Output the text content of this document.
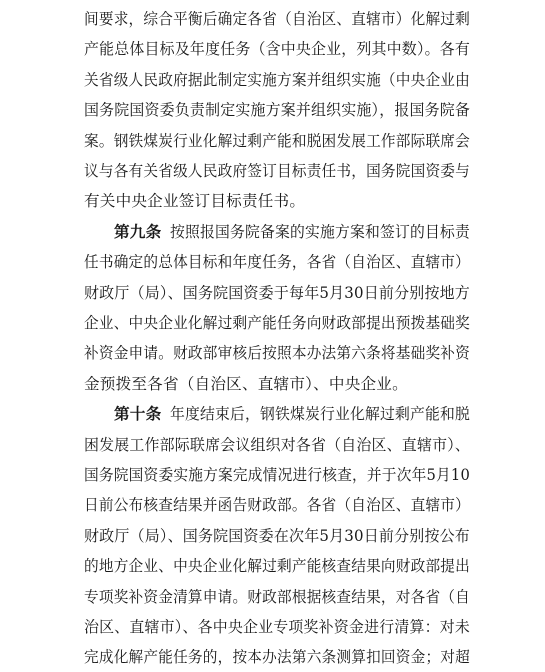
间要求，综合平衡后确定各省（自治区、直辖市）化解过剩
产能总体目标及年度任务（含中央企业，列其中数）。各有
关省级人民政府据此制定实施方案并组织实施（中央企业由
国务院国资委负责制定实施方案并组织实施），报国务院备
案。钢铁煤炭行业化解过剩产能和脱困发展工作部际联席会
议与各有关省级人民政府签订目标责任书，国务院国资委与
有关中央企业签订目标责任书。
第九条 按照报国务院备案的实施方案和签订的目标责
任书确定的总体目标和年度任务，各省（自治区、直辖市）
财政厅（局）、国务院国资委于每年5月30日前分别按地方
企业、中央企业化解过剩产能任务向财政部提出预拨基础奖
补资金申请。财政部审核后按照本办法第六条将基础奖补资
金预拨至各省（自治区、直辖市）、中央企业。
第十条 年度结束后，钢铁煤炭行业化解过剩产能和脱
困发展工作部际联席会议组织对各省（自治区、直辖市）、
国务院国资委实施方案完成情况进行核查，并于次年5月10
日前公布核查结果并函告财政部。各省（自治区、直辖市）
财政厅（局）、国务院国资委在次年5月30日前分别按公布
的地方企业、中央企业化解过剩产能核查结果向财政部提出
专项奖补资金清算申请。财政部根据核查结果，对各省（自
治区、直辖市）、各中央企业专项奖补资金进行清算：对未
完成化解产能任务的，按本办法第六条测算扣回资金；对超
